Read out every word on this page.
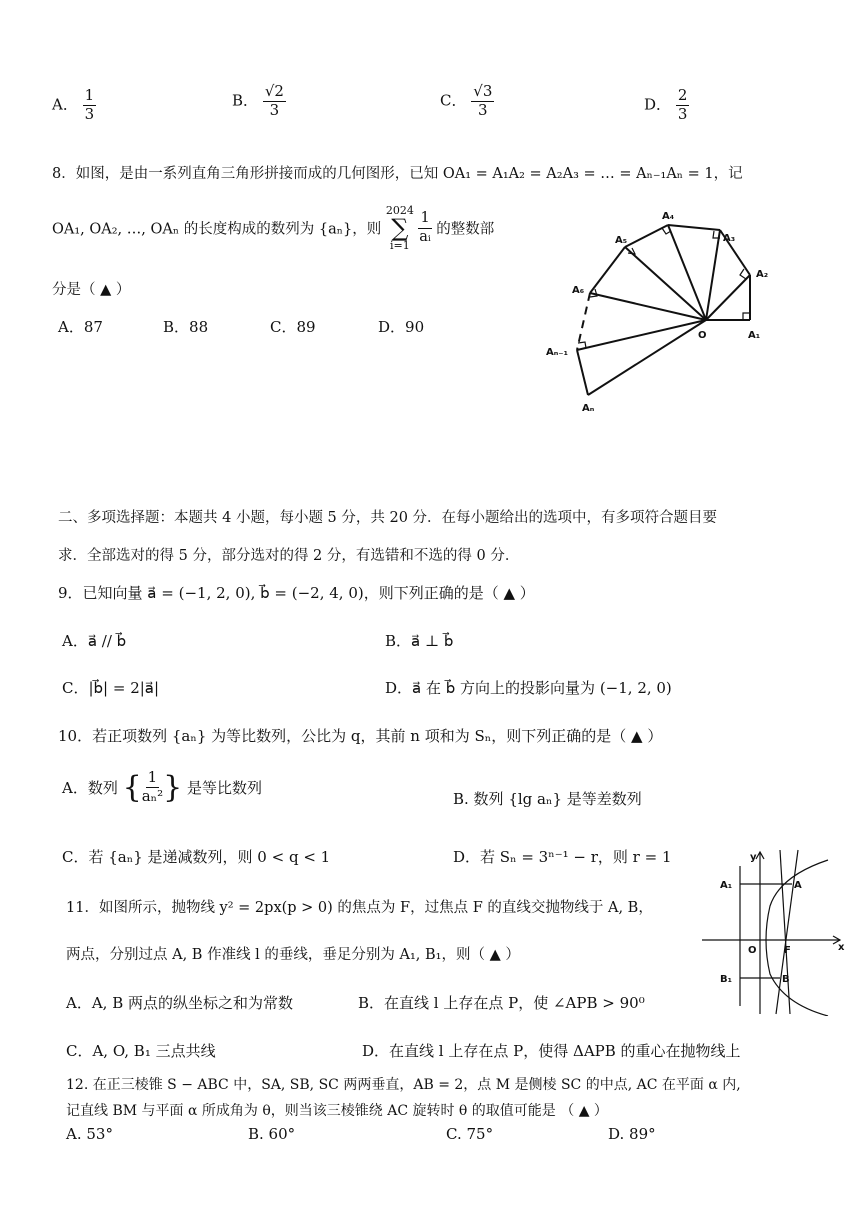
A． $\frac{1}{3}$	B． $\frac{√2}{3}$	C． $\frac{√3}{3}$	D． $\frac{2}{3}$
8．如图，是由一系列直角三角形拼接而成的几何图形，已知 OA₁ = A₁A₂ = A₂A₃ = … = Aₙ₋₁Aₙ = 1，记
OA₁, OA₂, …, OAₙ 的长度构成的数列为 {aₙ}，则
2024
∑
i=1

$\frac{1}{\text{aᵢ}}$ 的整数部
分是（ ▲ ）
A．87	B．88	C．89	D．90
A₄
A₃
A₅
A₂
A₆
O	A₁
Aₙ₋₁
Aₙ
二、多项选择题：本题共 4 小题，每小题 5 分，共 20 分．在每小题给出的选项中，有多项符合题目要
求．全部选对的得 5 分，部分选对的得 2 分，有选错和不选的得 0 分．
9．已知向量 a⃗ = (−1, 2, 0), b⃗ = (−2, 4, 0)，则下列正确的是（ ▲ ）
A．a⃗ // b⃗	B．a⃗ ⊥ b⃗
C．|b⃗| = 2|a⃗|	D．a⃗ 在 b⃗ 方向上的投影向量为 (−1, 2, 0)
10．若正项数列 {aₙ} 为等比数列，公比为 q，其前 n 项和为 Sₙ，则下列正确的是（ ▲ ）
A．数列 { $\frac{1}{\text{aₙ²}}$ } 是等比数列
B. 数列 {lg aₙ} 是等差数列
C．若 {aₙ} 是递减数列，则 0 < q < 1	D．若 Sₙ = 3ⁿ⁻¹ − r，则 r = 1
11．如图所示，抛物线 y² = 2px(p > 0) 的焦点为 F，过焦点 F 的直线交抛物线于 A, B，
两点，分别过点 A, B 作准线 l 的垂线，垂足分别为 A₁, B₁，则（ ▲ ）
A．A, B 两点的纵坐标之和为常数	B．在直线 l 上存在点 P，使 ∠APB > 90⁰
C．A, O, B₁ 三点共线	D．在直线 l 上存在点 P，使得 ΔAPB 的重心在抛物线上
y
A₁	A
O	F	x
B₁	B
12. 在正三棱锥 S − ABC 中，SA, SB, SC 两两垂直，AB = 2，点 M 是侧棱 SC 的中点, AC 在平面 α 内,
记直线 BM 与平面 α 所成角为 θ，则当该三棱锥绕 AC 旋转时 θ 的取值可能是 （ ▲ ）
A. 53°	B. 60°	C. 75°	D. 89°
